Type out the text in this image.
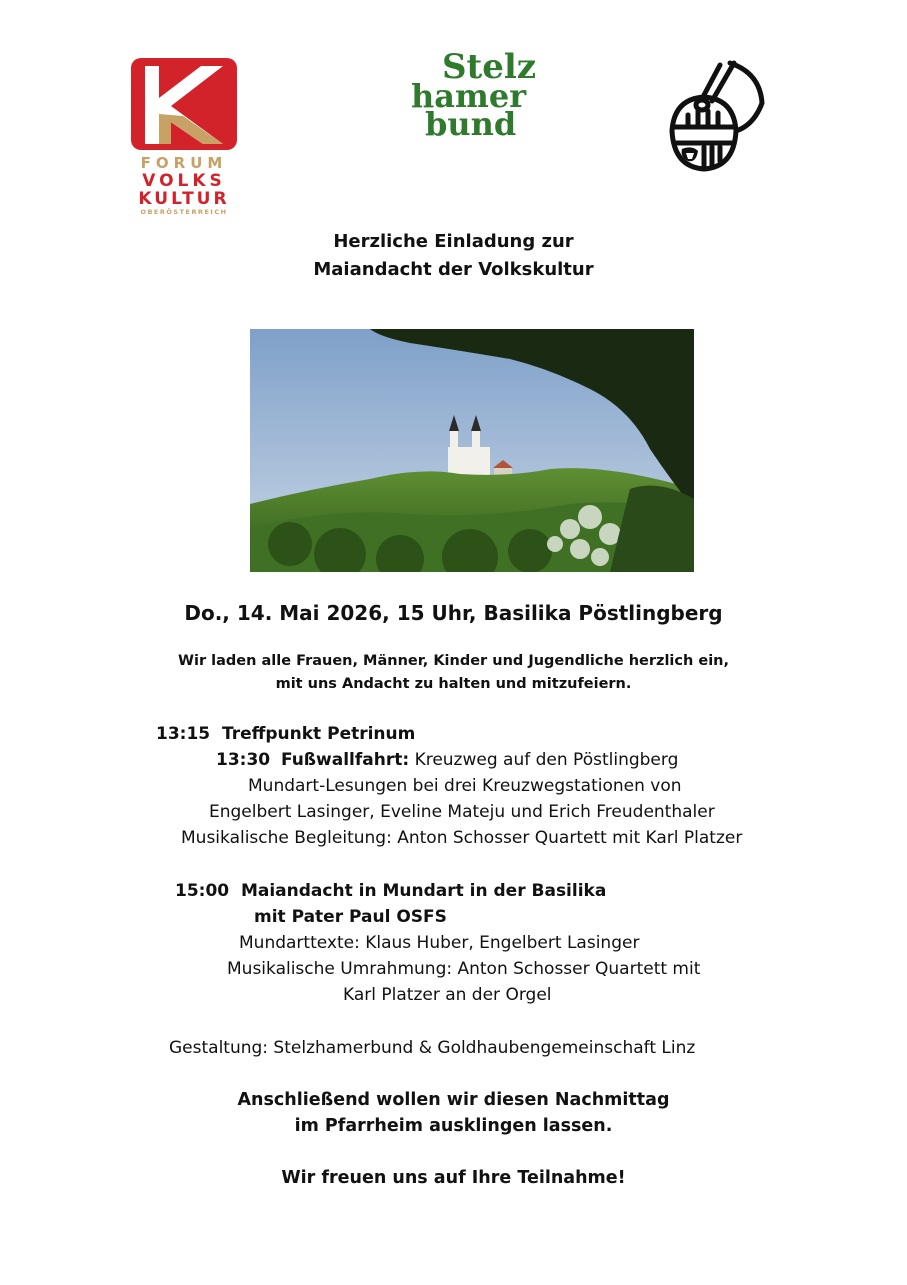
FORUM
VOLKS
KULTUR
OBERÖSTERREICH
Stelz
hamer
bund
Herzliche Einladung zur
Maiandacht der Volkskultur
Do., 14. Mai 2026, 15 Uhr, Basilika Pöstlingberg
Wir laden alle Frauen, Männer, Kinder und Jugendliche herzlich ein,
mit uns Andacht zu halten und mitzufeiern.
13:15 Treffpunkt Petrinum
13:30 Fußwallfahrt: Kreuzweg auf den Pöstlingberg
Mundart-Lesungen bei drei Kreuzwegstationen von
Engelbert Lasinger, Eveline Mateju und Erich Freudenthaler
Musikalische Begleitung: Anton Schosser Quartett mit Karl Platzer
15:00 Maiandacht in Mundart in der Basilika
mit Pater Paul OSFS
Mundarttexte: Klaus Huber, Engelbert Lasinger
Musikalische Umrahmung: Anton Schosser Quartett mit
Karl Platzer an der Orgel
Gestaltung: Stelzhamerbund & Goldhaubengemeinschaft Linz
Anschließend wollen wir diesen Nachmittag
im Pfarrheim ausklingen lassen.
Wir freuen uns auf Ihre Teilnahme!
